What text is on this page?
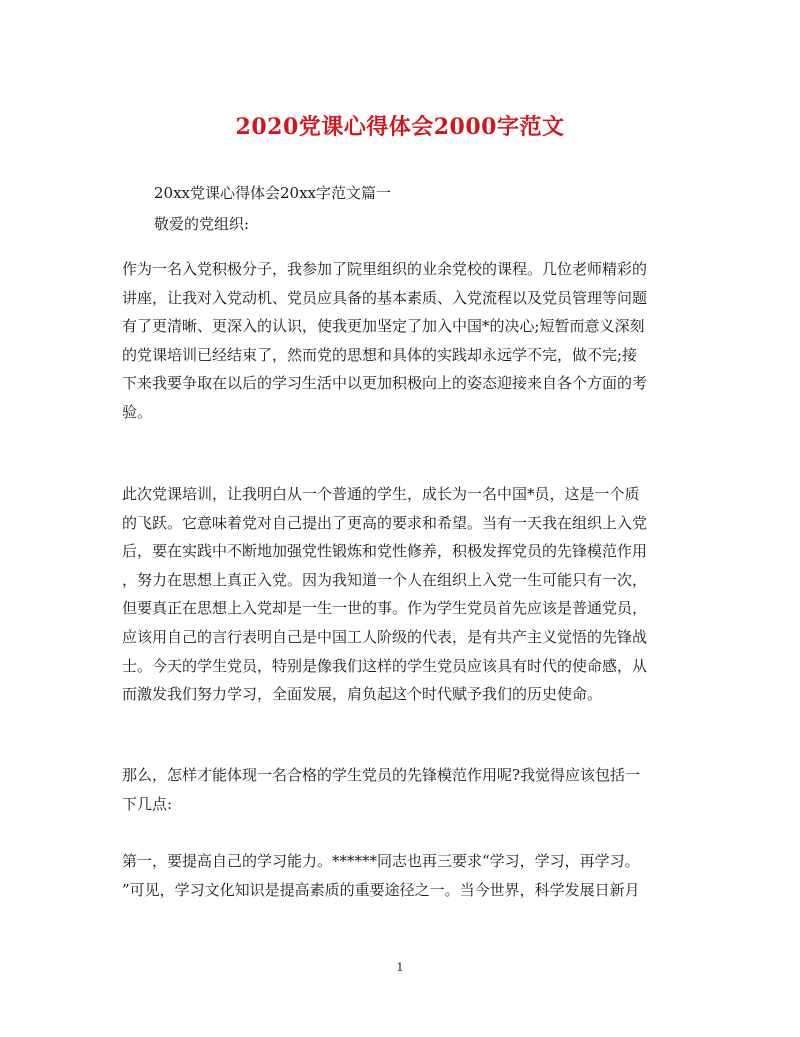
2020党课心得体会2000字范文
20xx党课心得体会20xx字范文篇一
敬爱的党组织:
作为一名入党积极分子，我参加了院里组织的业余党校的课程。几位老师精彩的
讲座，让我对入党动机、党员应具备的基本素质、入党流程以及党员管理等问题
有了更清晰、更深入的认识，使我更加坚定了加入中国*的决心;短暂而意义深刻
的党课培训已经结束了，然而党的思想和具体的实践却永远学不完，做不完;接
下来我要争取在以后的学习生活中以更加积极向上的姿态迎接来自各个方面的考
验。
此次党课培训，让我明白从一个普通的学生，成长为一名中国*员，这是一个质
的飞跃。它意味着党对自己提出了更高的要求和希望。当有一天我在组织上入党
后，要在实践中不断地加强党性锻炼和党性修养，积极发挥党员的先锋模范作用
，努力在思想上真正入党。因为我知道一个人在组织上入党一生可能只有一次，
但要真正在思想上入党却是一生一世的事。作为学生党员首先应该是普通党员，
应该用自己的言行表明自己是中国工人阶级的代表，是有共产主义觉悟的先锋战
士。今天的学生党员，特别是像我们这样的学生党员应该具有时代的使命感，从
而激发我们努力学习，全面发展，肩负起这个时代赋予我们的历史使命。
那么，怎样才能体现一名合格的学生党员的先锋模范作用呢?我觉得应该包括一
下几点:
第一，要提高自己的学习能力。******同志也再三要求“学习，学习，再学习。
”可见，学习文化知识是提高素质的重要途径之一。当今世界，科学发展日新月
1
